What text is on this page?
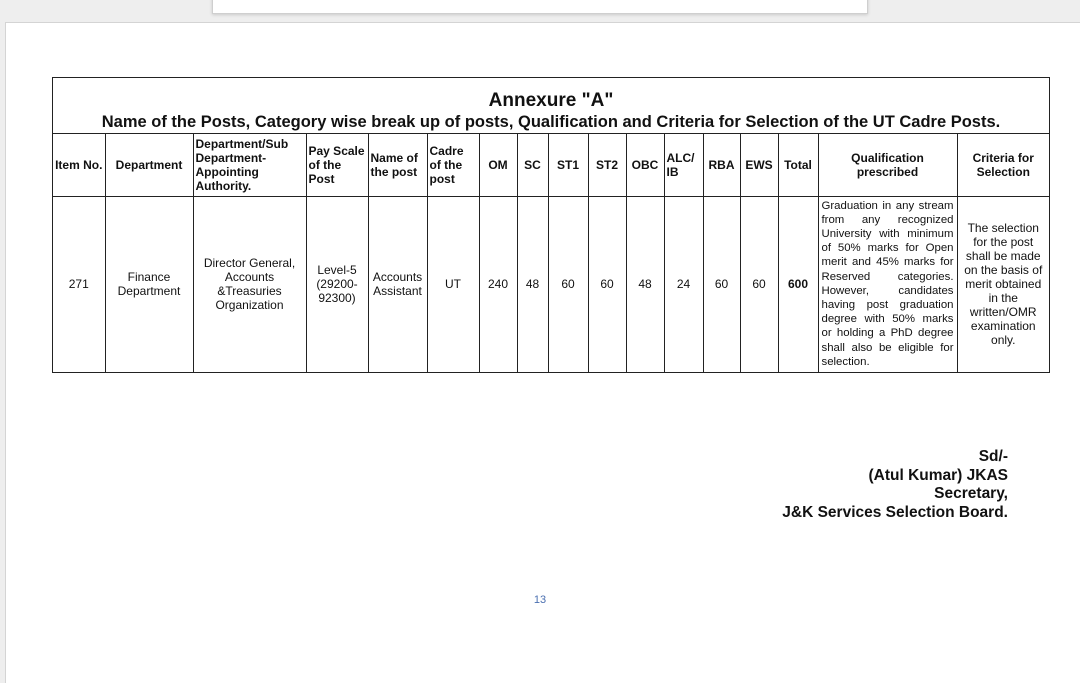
Annexure "A"
Name of the Posts, Category wise break up of posts, Qualification and Criteria for Selection of the UT Cadre Posts.
Item No.	Department	Department/Sub Department-Appointing Authority.	Pay Scale of the Post	Name of the post	Cadre of the post	OM	SC	ST1	ST2	OBC	ALC/ IB	RBA	EWS	Total	Qualification prescribed	Criteria for Selection
271	Finance Department	Director General, Accounts &Treasuries Organization	Level-5 (29200-92300)	Accounts Assistant	UT	240	48	60	60	48	24	60	60	600	Graduation in any stream from any recognized University with minimum of 50% marks for Open merit and 45% marks for Reserved categories. However, candidates having post graduation degree with 50% marks or holding a PhD degree shall also be eligible for selection.	The selection for the post shall be made on the basis of merit obtained in the written/OMR examination only.
Sd/-
(Atul Kumar) JKAS
Secretary,
J&K Services Selection Board.
13
